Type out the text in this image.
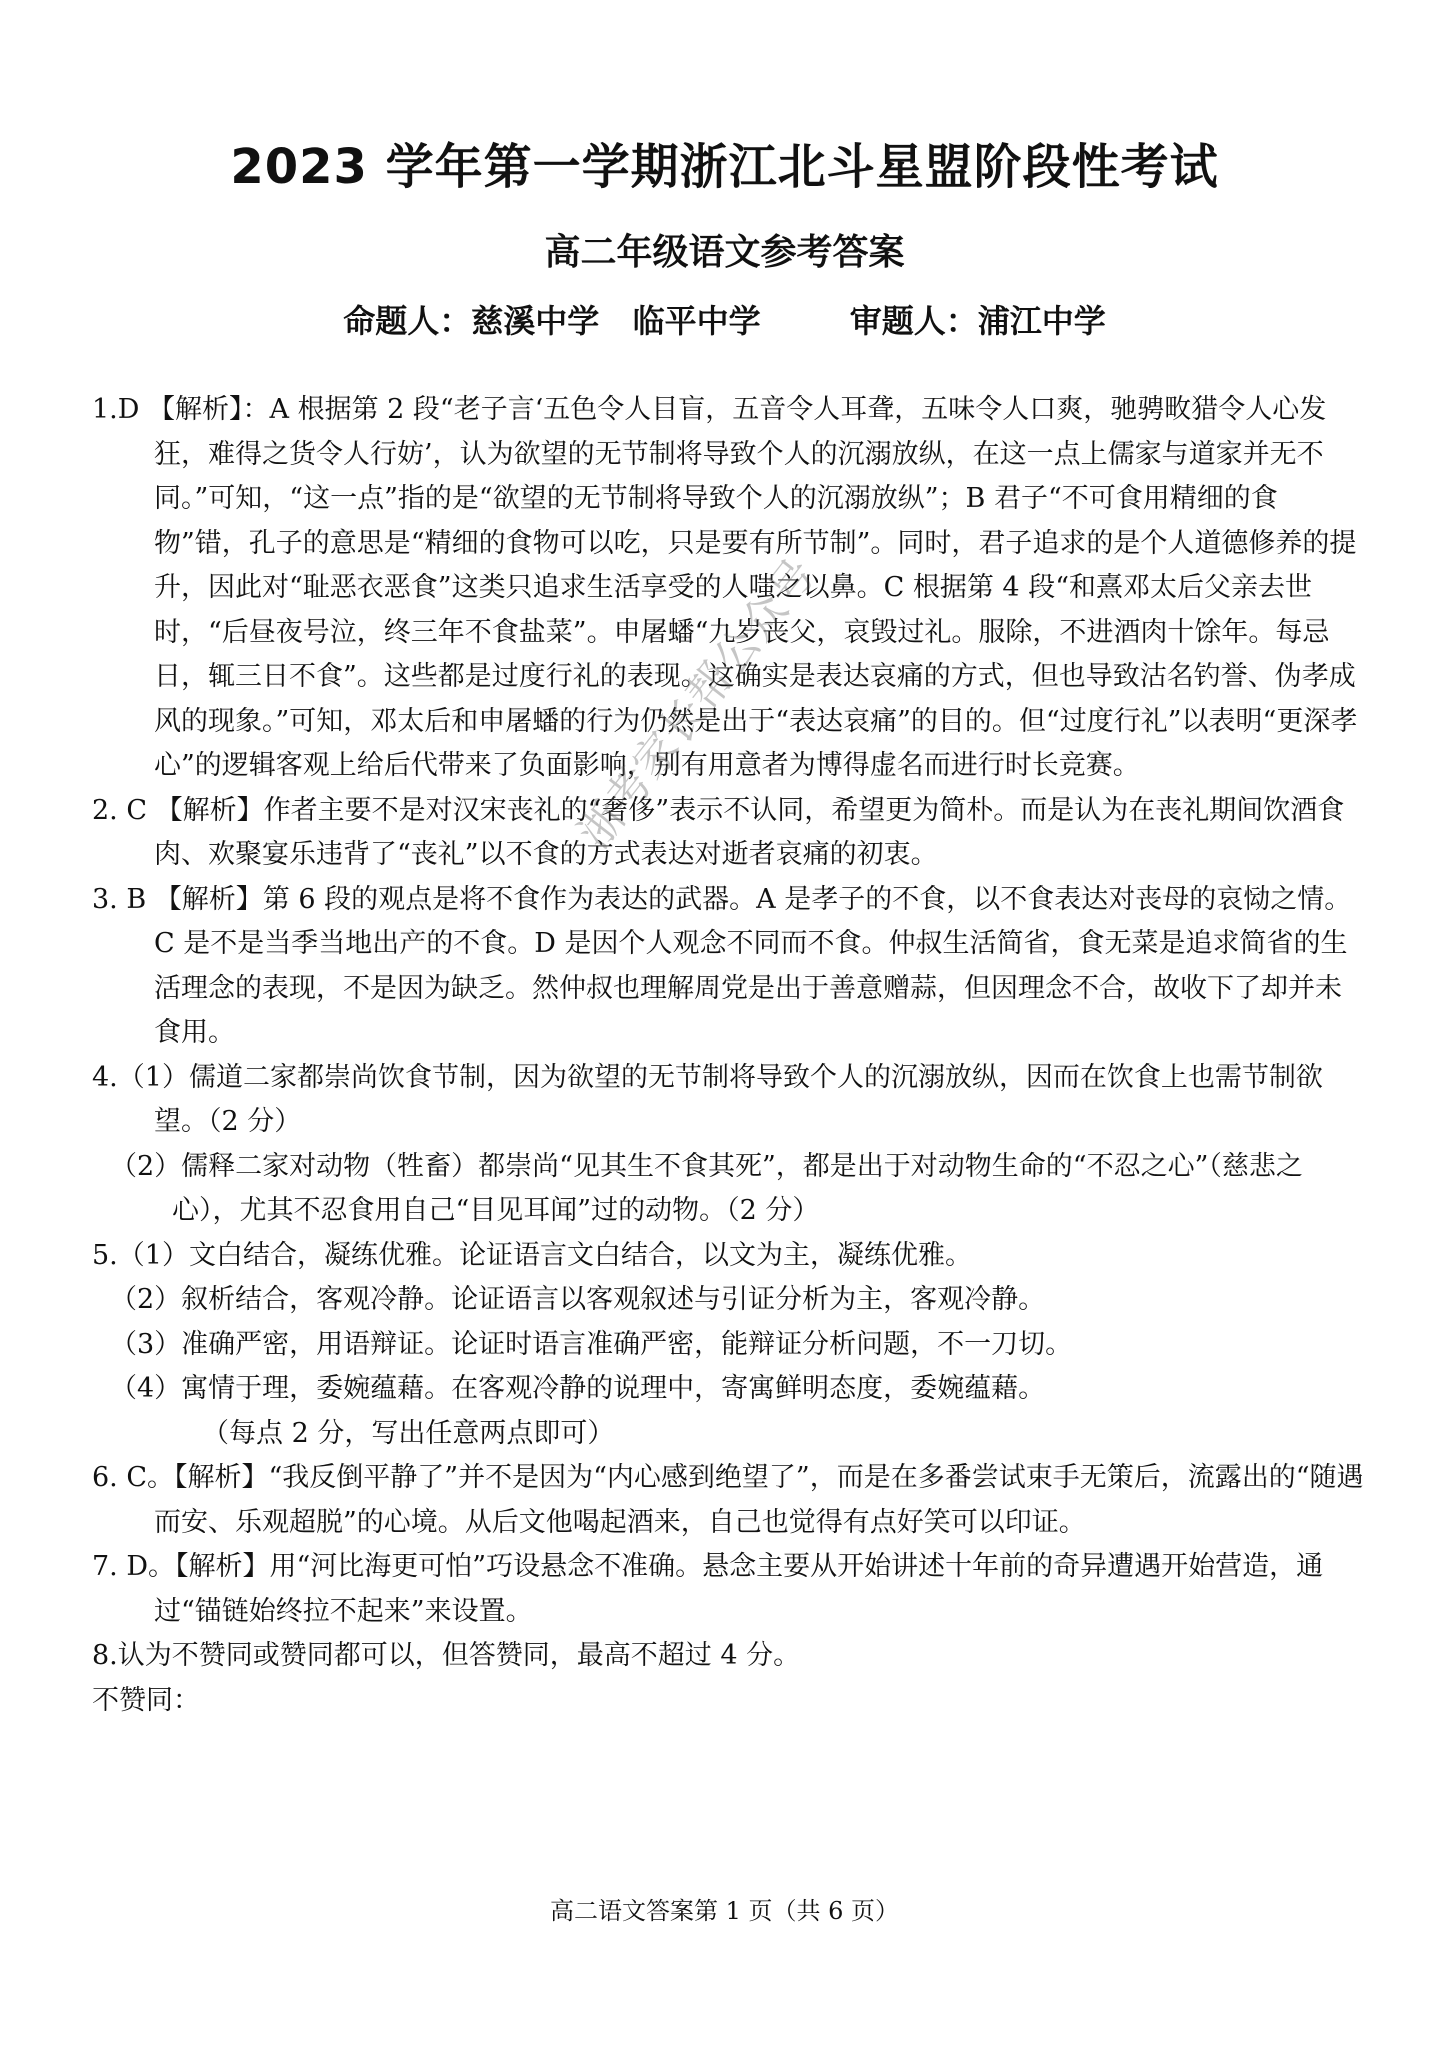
2023 学年第一学期浙江北斗星盟阶段性考试
高二年级语文参考答案
命题人：慈溪中学   临平中学        审题人：浦江中学

1.D 【解析】：A 根据第 2 段“老子言‘五色令人目盲，五音令人耳聋，五味令人口爽，驰骋畋猎令人心发狂，难得之货令人行妨’，认为欲望的无节制将导致个人的沉溺放纵，在这一点上儒家与道家并无不同。”可知，“这一点”指的是“欲望的无节制将导致个人的沉溺放纵”；B 君子“不可食用精细的食物”错，孔子的意思是“精细的食物可以吃，只是要有所节制”。同时，君子追求的是个人道德修养的提升，因此对“耻恶衣恶食”这类只追求生活享受的人嗤之以鼻。C 根据第 4 段“和熹邓太后父亲去世时，“后昼夜号泣，终三年不食盐菜”。申屠蟠“九岁丧父，哀毁过礼。服除，不进酒肉十馀年。每忌日，辄三日不食”。这些都是过度行礼的表现。这确实是表达哀痛的方式，但也导致沽名钓誉、伪孝成风的现象。”可知，邓太后和申屠蟠的行为仍然是出于“表达哀痛”的目的。但“过度行礼”以表明“更深孝心”的逻辑客观上给后代带来了负面影响，别有用意者为博得虚名而进行时长竞赛。

2. C 【解析】作者主要不是对汉宋丧礼的“奢侈”表示不认同，希望更为简朴。而是认为在丧礼期间饮酒食肉、欢聚宴乐违背了“丧礼”以不食的方式表达对逝者哀痛的初衷。

3. B 【解析】第 6 段的观点是将不食作为表达的武器。A 是孝子的不食，以不食表达对丧母的哀恸之情。C 是不是当季当地出产的不食。D 是因个人观念不同而不食。仲叔生活简省，食无菜是追求简省的生活理念的表现，不是因为缺乏。然仲叔也理解周党是出于善意赠蒜，但因理念不合，故收下了却并未食用。

4.（1）儒道二家都崇尚饮食节制，因为欲望的无节制将导致个人的沉溺放纵，因而在饮食上也需节制欲望。（2 分）

（2）儒释二家对动物（牲畜）都崇尚“见其生不食其死”，都是出于对动物生命的“不忍之心”（慈悲之心），尤其不忍食用自己“目见耳闻”过的动物。（2 分）

5.（1）文白结合，凝练优雅。论证语言文白结合，以文为主，凝练优雅。

（2）叙析结合，客观冷静。论证语言以客观叙述与引证分析为主，客观冷静。

（3）准确严密，用语辩证。论证时语言准确严密，能辩证分析问题，不一刀切。

（4）寓情于理，委婉蕴藉。在客观冷静的说理中，寄寓鲜明态度，委婉蕴藉。

（每点 2 分，写出任意两点即可）

6. C。【解析】“我反倒平静了”并不是因为“内心感到绝望了”，而是在多番尝试束手无策后，流露出的“随遇而安、乐观超脱”的心境。从后文他喝起酒来，自己也觉得有点好笑可以印证。

7. D。【解析】用“河比海更可怕”巧设悬念不准确。悬念主要从开始讲述十年前的奇异遭遇开始营造，通过“锚链始终拉不起来”来设置。

8.认为不赞同或赞同都可以，但答赞同，最高不超过 4 分。

不赞同：

浙考家长帮公众号
高二语文答案第 1 页（共 6 页）
